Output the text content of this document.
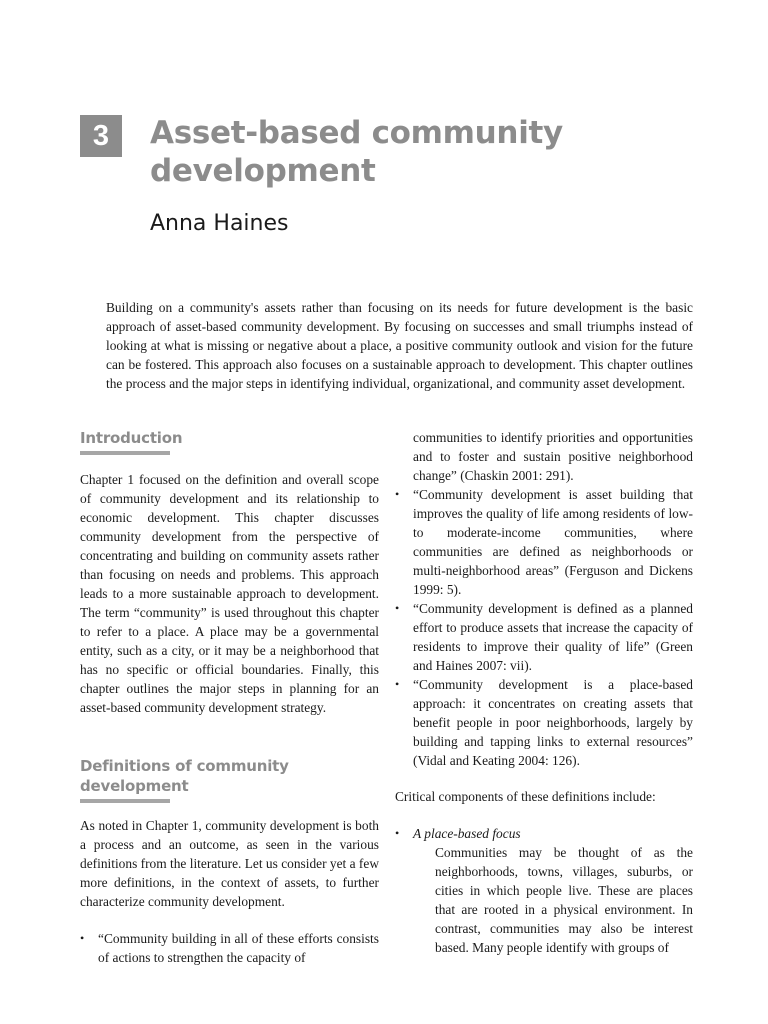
3	Asset-based community development
Anna Haines

Building on a community's assets rather than focusing on its needs for future development is the basic approach of asset-based community development. By focusing on successes and small triumphs instead of looking at what is missing or negative about a place, a positive community outlook and vision for the future can be fostered. This approach also focuses on a sustainable approach to development. This chapter outlines the process and the major steps in identifying individual, organizational, and community asset development.

Introduction

Chapter 1 focused on the definition and overall scope of community development and its relationship to economic development. This chapter discusses community development from the perspective of concentrating and building on community assets rather than focusing on needs and problems. This approach leads to a more sustainable approach to development. The term “community” is used throughout this chapter to refer to a place. A place may be a governmental entity, such as a city, or it may be a neighborhood that has no specific or official boundaries. Finally, this chapter outlines the major steps in planning for an asset-based community development strategy.

Definitions of community development

As noted in Chapter 1, community development is both a process and an outcome, as seen in the various definitions from the literature. Let us consider yet a few more definitions, in the context of assets, to further characterize community development.

• “Community building in all of these efforts consists of actions to strengthen the capacity of

communities to identify priorities and opportunities and to foster and sustain positive neighborhood change” (Chaskin 2001: 291).

• “Community development is asset building that improves the quality of life among residents of low- to moderate-income communities, where communities are defined as neighborhoods or multi-neighborhood areas” (Ferguson and Dickens 1999: 5).
• “Community development is defined as a planned effort to produce assets that increase the capacity of residents to improve their quality of life” (Green and Haines 2007: vii).
• “Community development is a place-based approach: it concentrates on creating assets that benefit people in poor neighborhoods, largely by building and tapping links to external resources” (Vidal and Keating 2004: 126).

Critical components of these definitions include:

• A place-based focus

Communities may be thought of as the neighborhoods, towns, villages, suburbs, or cities in which people live. These are places that are rooted in a physical environment. In contrast, communities may also be interest based. Many people identify with groups of
